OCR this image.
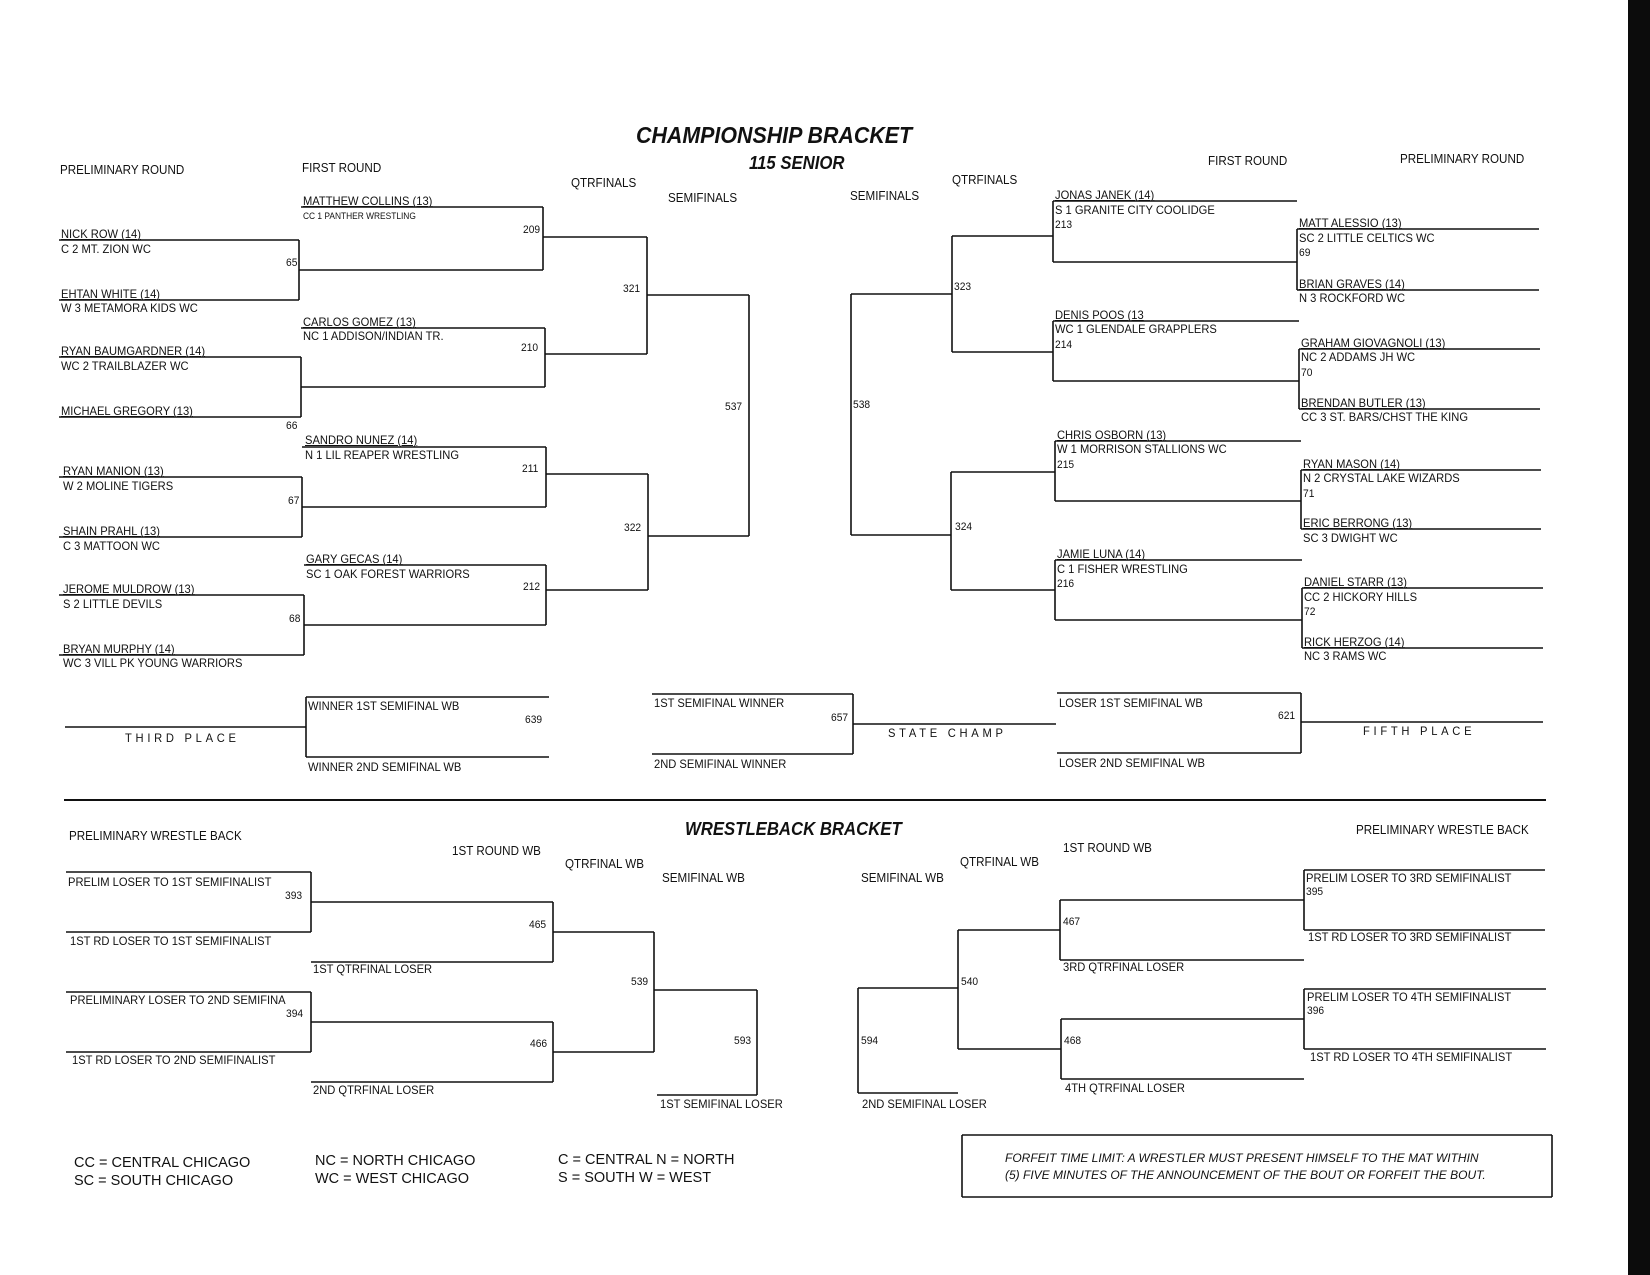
CHAMPIONSHIP BRACKET
115 SENIOR
PRELIMINARY ROUND	FIRST ROUND
QTRFINALS
SEMIFINALS	SEMIFINALS
QTRFINALS
FIRST ROUND	PRELIMINARY ROUND
NICK ROW (14)
C 2 MT. ZION WC
EHTAN WHITE (14)
W 3 METAMORA KIDS WC
RYAN BAUMGARDNER (14)
WC 2 TRAILBLAZER WC
MICHAEL GREGORY (13)
RYAN MANION (13)
W 2 MOLINE TIGERS
SHAIN PRAHL (13)
C 3 MATTOON WC
JEROME MULDROW (13)
S 2 LITTLE DEVILS
BRYAN MURPHY (14)
WC 3 VILL PK YOUNG WARRIORS
65
66
67
68
MATTHEW COLLINS (13)
CC 1 PANTHER WRESTLING
CARLOS GOMEZ (13)
NC 1 ADDISON/INDIAN TR.
SANDRO NUNEZ (14)
N 1 LIL REAPER WRESTLING
GARY GECAS (14)
SC 1 OAK FOREST WARRIORS
209
210
211
212
321
322
537	538
323
324
JONAS JANEK (14)
S 1 GRANITE CITY COOLIDGE
213
DENIS POOS (13
WC 1 GLENDALE GRAPPLERS
214
CHRIS OSBORN (13)
W 1 MORRISON STALLIONS WC
215
JAMIE LUNA (14)
C 1 FISHER WRESTLING
216
MATT ALESSIO (13)
SC 2 LITTLE CELTICS WC
69
BRIAN GRAVES (14)
N 3 ROCKFORD WC
GRAHAM GIOVAGNOLI (13)
NC 2 ADDAMS JH WC
70
BRENDAN BUTLER (13)
CC 3 ST. BARS/CHST THE KING
RYAN MASON (14)
N 2 CRYSTAL LAKE WIZARDS
71
ERIC BERRONG (13)
SC 3 DWIGHT WC
DANIEL STARR (13)
CC 2 HICKORY HILLS
72
RICK HERZOG (14)
NC 3 RAMS WC
WINNER 1ST SEMIFINAL WB
WINNER 2ND SEMIFINAL WB
639
THIRD PLACE
1ST SEMIFINAL WINNER
2ND SEMIFINAL WINNER
657
STATE CHAMP
LOSER 1ST SEMIFINAL WB
LOSER 2ND SEMIFINAL WB
621
FIFTH PLACE
WRESTLEBACK BRACKET
PRELIMINARY WRESTLE BACK
1ST ROUND WB
QTRFINAL WB
SEMIFINAL WB	SEMIFINAL WB
QTRFINAL WB
1ST ROUND WB
PRELIMINARY WRESTLE BACK
PRELIM LOSER TO 1ST SEMIFINALIST
393
1ST RD LOSER TO 1ST SEMIFINALIST
1ST QTRFINAL LOSER
465
PRELIMINARY LOSER TO 2ND SEMIFINA
394
1ST RD LOSER TO 2ND SEMIFINALIST
2ND QTRFINAL LOSER
466
539
593
1ST SEMIFINAL LOSER
PRELIM LOSER TO 3RD SEMIFINALIST
395
1ST RD LOSER TO 3RD SEMIFINALIST
467
3RD QTRFINAL LOSER
PRELIM LOSER TO 4TH SEMIFINALIST
396
1ST RD LOSER TO 4TH SEMIFINALIST
468
4TH QTRFINAL LOSER
540
594
2ND SEMIFINAL LOSER
CC = CENTRAL CHICAGO
SC = SOUTH CHICAGO
NC = NORTH CHICAGO
WC = WEST CHICAGO
C = CENTRAL N = NORTH
S = SOUTH W = WEST
FORFEIT TIME LIMIT: A WRESTLER MUST PRESENT HIMSELF TO THE MAT WITHIN
(5) FIVE MINUTES OF THE ANNOUNCEMENT OF THE BOUT OR FORFEIT THE BOUT.
